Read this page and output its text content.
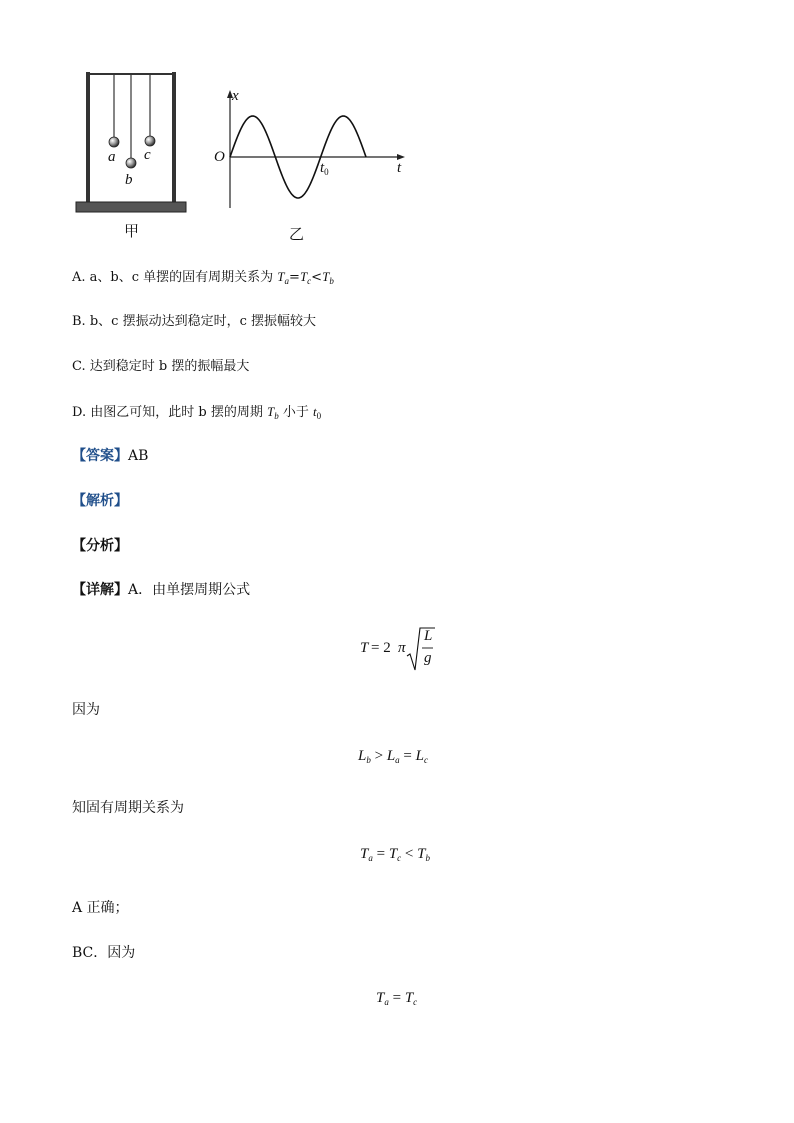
a
b
c
甲
x
t
O
$t_0$
乙
A. a、b、c 单摆的固有周期关系为 $T_a=T_c<T_b$
B. b、c 摆振动达到稳定时，c 摆振幅较大
C. 达到稳定时 b 摆的振幅最大
D. 由图乙可知，此时 b 摆的周期 $T_b$ 小于 $t_0$
【答案】AB
【解析】
【分析】
【详解】A．由单摆周期公式
T = 2 π
L
g
因为
$L_b > L_a = L_c$
知固有周期关系为
$T_a = T_c < T_b$
A 正确；
BC．因为
$T_a = T_c$
